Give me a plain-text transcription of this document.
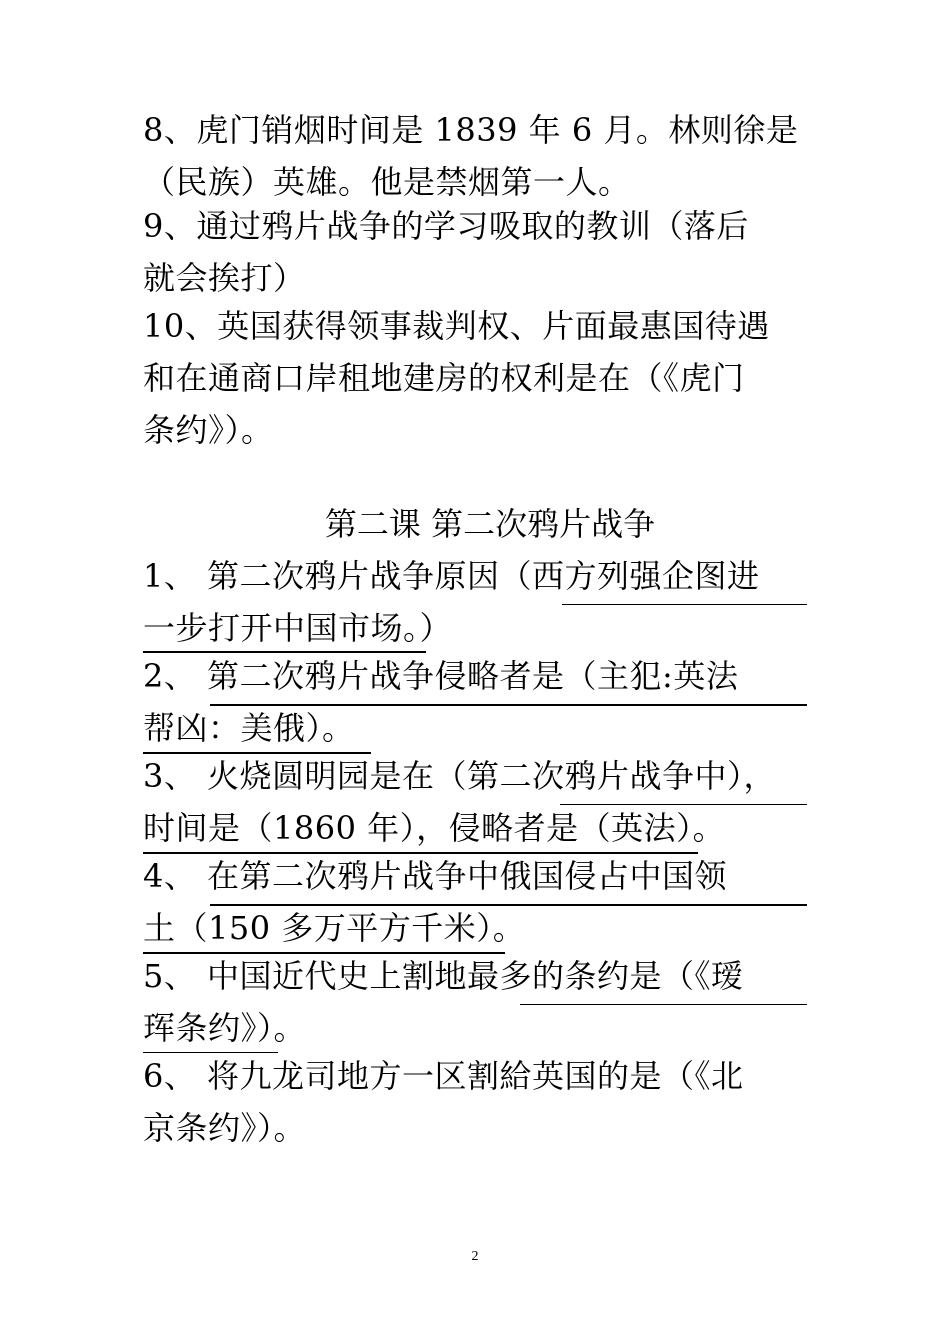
8、虎门销烟时间是 1839 年 6 月。林则徐是
（民族）英雄。他是禁烟第一人。
9、通过鸦片战争的学习吸取的教训（落后
就会挨打）
10、英国获得领事裁判权、片面最惠国待遇
和在通商口岸租地建房的权利是在（《虎门
条约》）。
第二课 第二次鸦片战争
1、 第二次鸦片战争原因（西方列强企图进
一步打开中国市场。）
2、 第二次鸦片战争侵略者是（主犯:英法
帮凶：美俄）。
3、 火烧圆明园是在（第二次鸦片战争中），
时间是（1860 年），侵略者是（英法）。
4、 在第二次鸦片战争中俄国侵占中国领
土（150 多万平方千米）。
5、 中国近代史上割地最多的条约是（《瑷
珲条约》）。
6、 将九龙司地方一区割給英国的是（《北
京条约》）。
2
